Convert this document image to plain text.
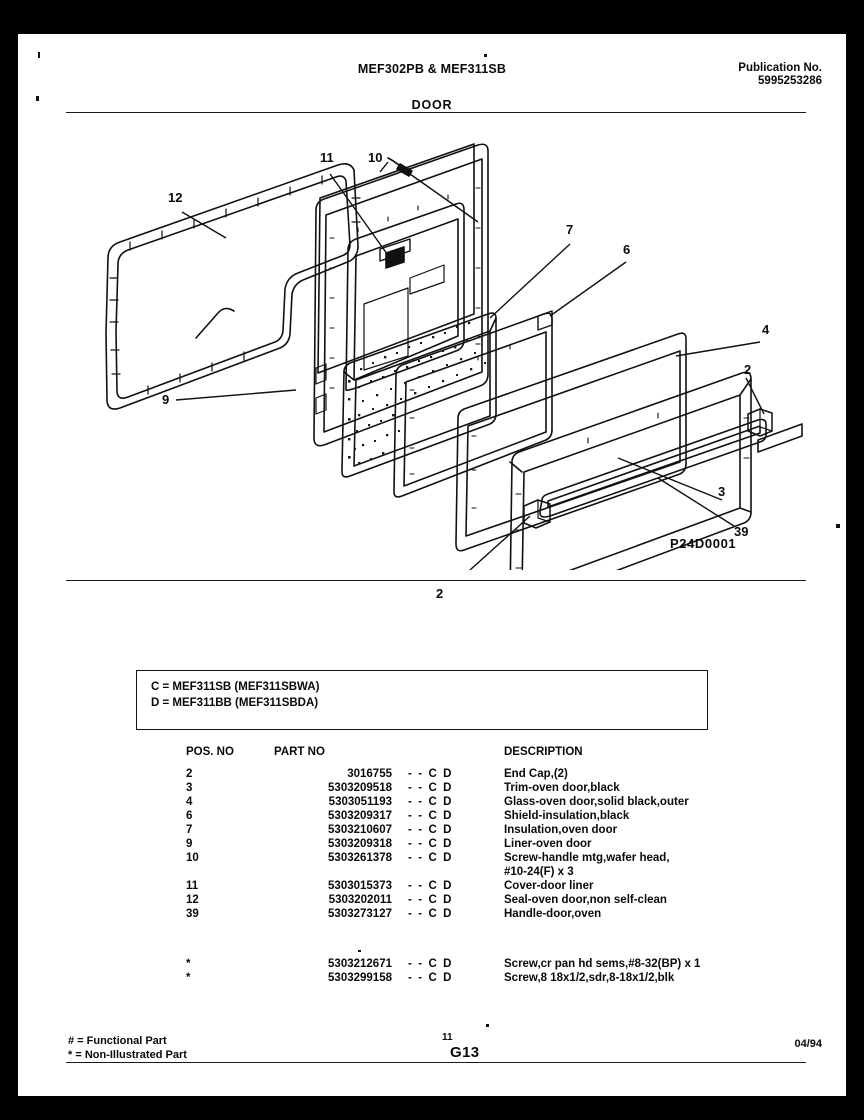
MEF302PB & MEF311SB	Publication No.
5995253286
DOOR
12
11	10
9
7
6
4
2
2
39
3
P24D0001
C = MEF311SB (MEF311SBWA)
D = MEF311BB (MEF311SBDA)
POS. NO	PART NO	DESCRIPTION
2	3016755 - - C D	End Cap,(2)
3	5303209518 - - C D	Trim-oven door,black
4	5303051193 - - C D	Glass-oven door,solid black,outer
6	5303209317 - - C D	Shield-insulation,black
7	5303210607 - - C D	Insulation,oven door
9	5303209318 - - C D	Liner-oven door
10	5303261378 - - C D	Screw-handle mtg,wafer head,
#10-24(F) x 3
11	5303015373 - - C D	Cover-door liner
12	5303202011 - - C D	Seal-oven door,non self-clean
39	5303273127 - - C D	Handle-door,oven
*	5303212671 - - C D	Screw,cr pan hd sems,#8-32(BP) x 1
*	5303299158 - - C D	Screw,8 18x1/2,sdr,8-18x1/2,blk
# = Functional Part
* = Non-Illustrated Part
11
G13	04/94
